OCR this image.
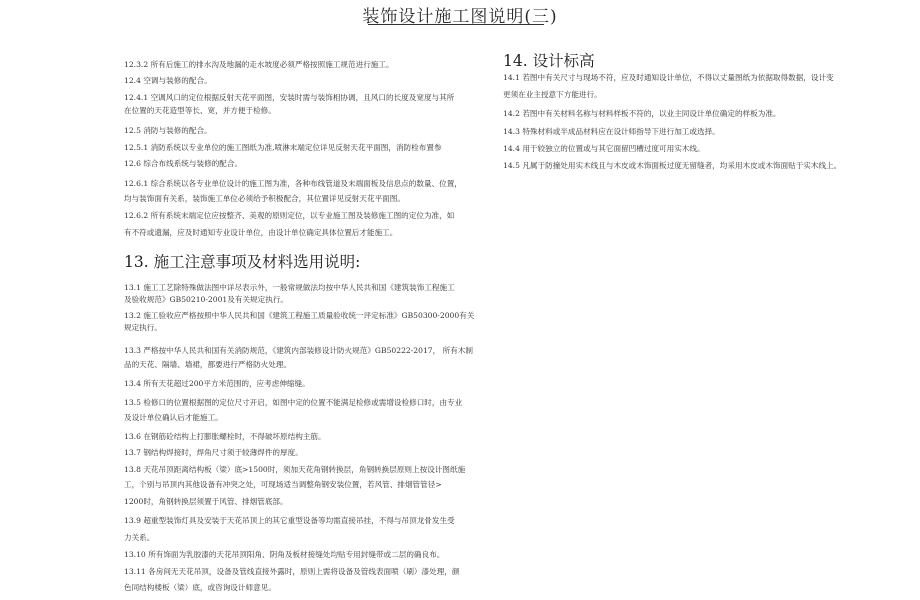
装饰设计施工图说明(三)
12.3.2 所有后施工的排水沟及地漏的走水坡度必须严格按照施工规范进行施工。
12.4 空调与装修的配合。
12.4.1 空调风口的定位根据反射天花平面图，安装时需与装饰相协调，且风口的长度及宽度与其所
在位置的天花造型等长、宽，并方便于检修。
12.5 消防与装修的配合。
12.5.1 消防系统以专业单位的施工图纸为准,喷淋末端定位详见反射天花平面图，消防栓布置参
12.6 综合布线系统与装修的配合。
12.6.1 综合系统以各专业单位设计的施工图为准，各种布线管道及末端面板及信息点的数量、位置，
均与装饰面有关系，装饰施工单位必须给予积极配合，其位置详见反射天花平面图。
12.6.2 所有系统末端定位应按整齐、美观的原则定位，以专业施工图及装修施工图的定位为准，如
有不符或遗漏，应及时通知专业设计单位，由设计单位确定具体位置后才能施工。
13. 施工注意事项及材料选用说明:
13.1 施工工艺除特殊做法图中详尽表示外，一般常规做法均按中华人民共和国《建筑装饰工程施工
及验收规范》GB50210-2001及有关规定执行。
13.2 施工验收应严格按照中华人民共和国《建筑工程施工质量验收统一评定标准》GB50300-2000有关
规定执行。
13.3 严格按中华人民共和国有关消防规范，《建筑内部装修设计防火规范》GB50222-2017， 所有木制
品的天花、隔墙、墙裙，都要进行严格防火处理。
13.4 所有天花超过200平方米范围的，应考虑伸缩缝。
13.5 检修口的位置根据图的定位尺寸开启，如图中定的位置不能满足检修或需增设检修口时，由专业
及设计单位确认后才能施工。
13.6 在钢筋砼结构上打膨胀螺栓时，不得破坏原结构主筋。
13.7 钢结构焊接时，焊角尺寸须于较薄焊件的厚度。
13.8 天花吊顶距离结构板（梁）底>1500时，须加天花角钢转换层，角钢转换层原则上按设计图纸施
工，个别与吊顶内其他设备有冲突之处，可现场适当调整角钢安装位置，若风管、排烟管管径>
1200时，角钢转换层须置于风管、排烟管底部。
13.9 超重型装饰灯具及安装于天花吊顶上的其它重型设备等均需直接吊挂，不得与吊顶龙骨发生受
力关系。
13.10 所有饰面为乳胶漆的天花吊顶阳角、阴角及板材接缝处均贴专用封缝带或二层的确良布。
13.11 各房间无天花吊顶，设备及管线直接外露时，原则上需将设备及管线表面喷（刷）漆处理，颜
色同结构楼板（梁）底，或咨询设计师意见。
14. 设计标高
14.1 若图中有关尺寸与现场不符，应及时通知设计单位，不得以丈量图纸为依据取得数据，设计变
更须在业主授意下方能进行。
14.2 若图中有关材料名称与材料样板不符的，以业主同设计单位确定的样板为准。
14.3 特殊材料或半成品材料应在设计师指导下进行加工或选择。
14.4 用于较独立的位置或与其它面留凹槽过度可用实木线。
14.5 凡属于防撞处用实木线且与木皮或木饰面板过度无留缝者，均采用木皮或木饰面贴于实木线上。
